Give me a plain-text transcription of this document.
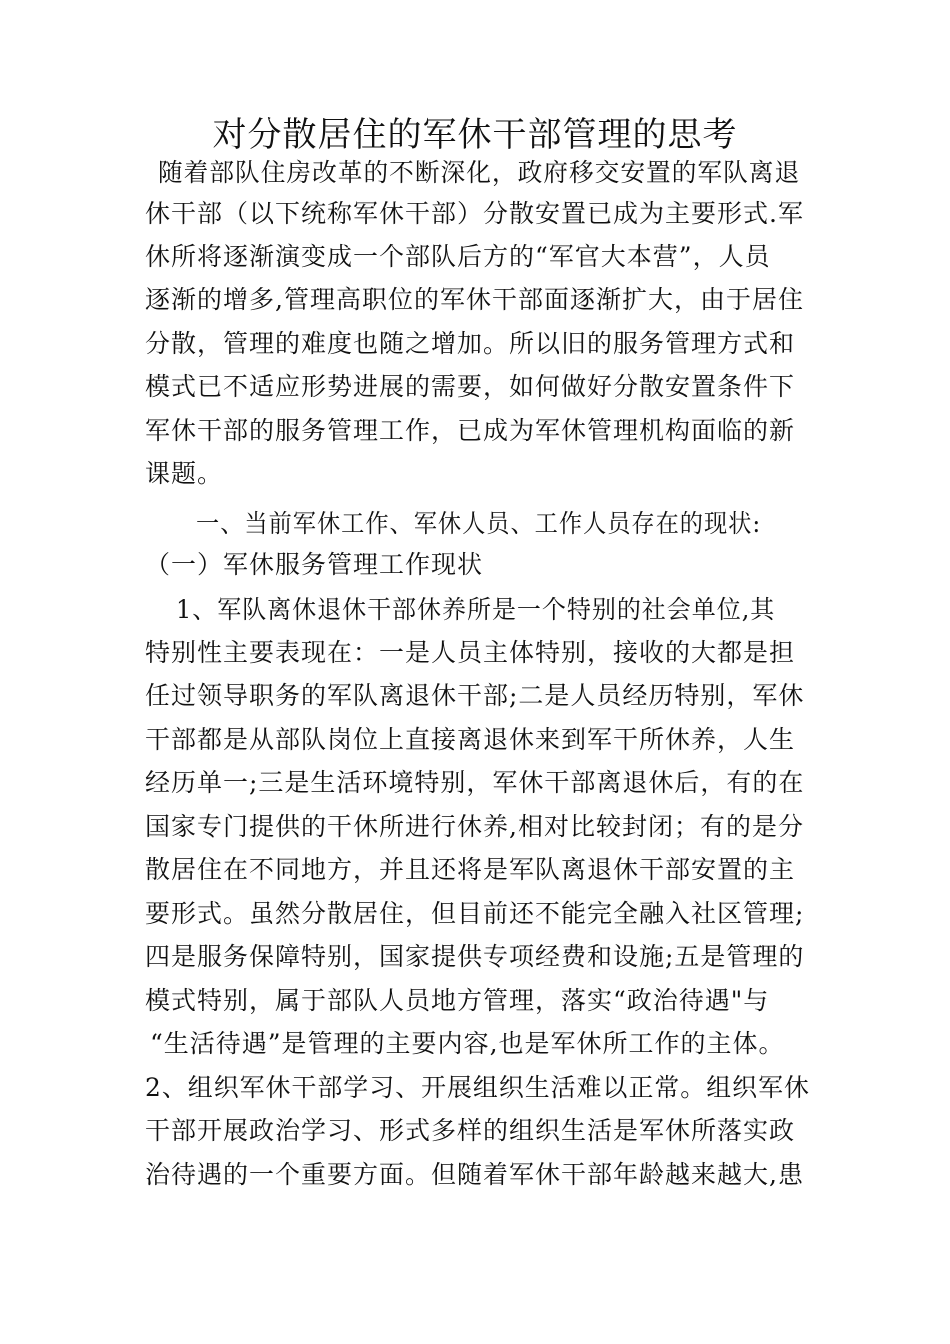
对分散居住的军休干部管理的思考
随着部队住房改革的不断深化，政府移交安置的军队离退
休干部（以下统称军休干部）分散安置已成为主要形式.军
休所将逐渐演变成一个部队后方的“军官大本营”，人员
逐渐的增多,管理高职位的军休干部面逐渐扩大，由于居住
分散，管理的难度也随之增加。所以旧的服务管理方式和
模式已不适应形势进展的需要，如何做好分散安置条件下
军休干部的服务管理工作，已成为军休管理机构面临的新
课题。
一、当前军休工作、军休人员、工作人员存在的现状:
（一）军休服务管理工作现状
1、军队离休退休干部休养所是一个特别的社会单位,其
特别性主要表现在：一是人员主体特别，接收的大都是担
任过领导职务的军队离退休干部;二是人员经历特别，军休
干部都是从部队岗位上直接离退休来到军干所休养，人生
经历单一;三是生活环境特别，军休干部离退休后，有的在
国家专门提供的干休所进行休养,相对比较封闭；有的是分
散居住在不同地方，并且还将是军队离退休干部安置的主
要形式。虽然分散居住，但目前还不能完全融入社区管理;
四是服务保障特别，国家提供专项经费和设施;五是管理的
模式特别，属于部队人员地方管理，落实“政治待遇"与
“生活待遇”是管理的主要内容,也是军休所工作的主体。
2、组织军休干部学习、开展组织生活难以正常。组织军休
干部开展政治学习、形式多样的组织生活是军休所落实政
治待遇的一个重要方面。但随着军休干部年龄越来越大,患
